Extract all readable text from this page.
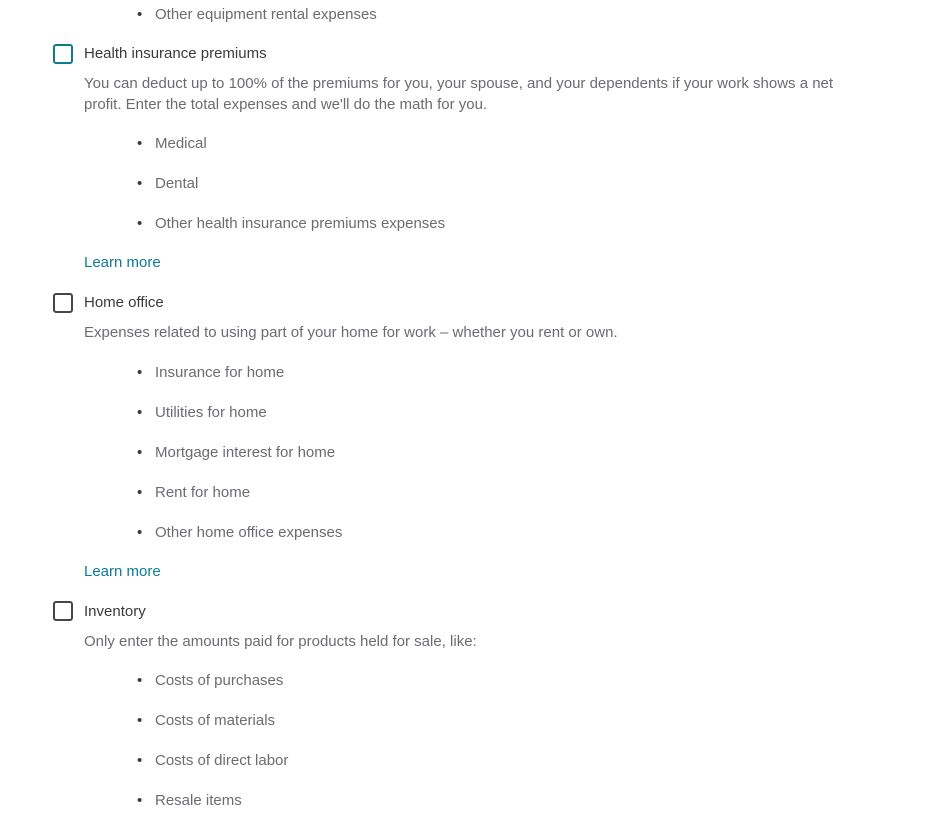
• Other equipment rental expenses
Health insurance premiums

You can deduct up to 100% of the premiums for you, your spouse, and your dependents if your work shows a net profit. Enter the total expenses and we'll do the math for you.

• Medical
• Dental
• Other health insurance premiums expenses
Learn more
Home office

Expenses related to using part of your home for work – whether you rent or own.

• Insurance for home
• Utilities for home
• Mortgage interest for home
• Rent for home
• Other home office expenses
Learn more
Inventory

Only enter the amounts paid for products held for sale, like:

• Costs of purchases
• Costs of materials
• Costs of direct labor
• Resale items
